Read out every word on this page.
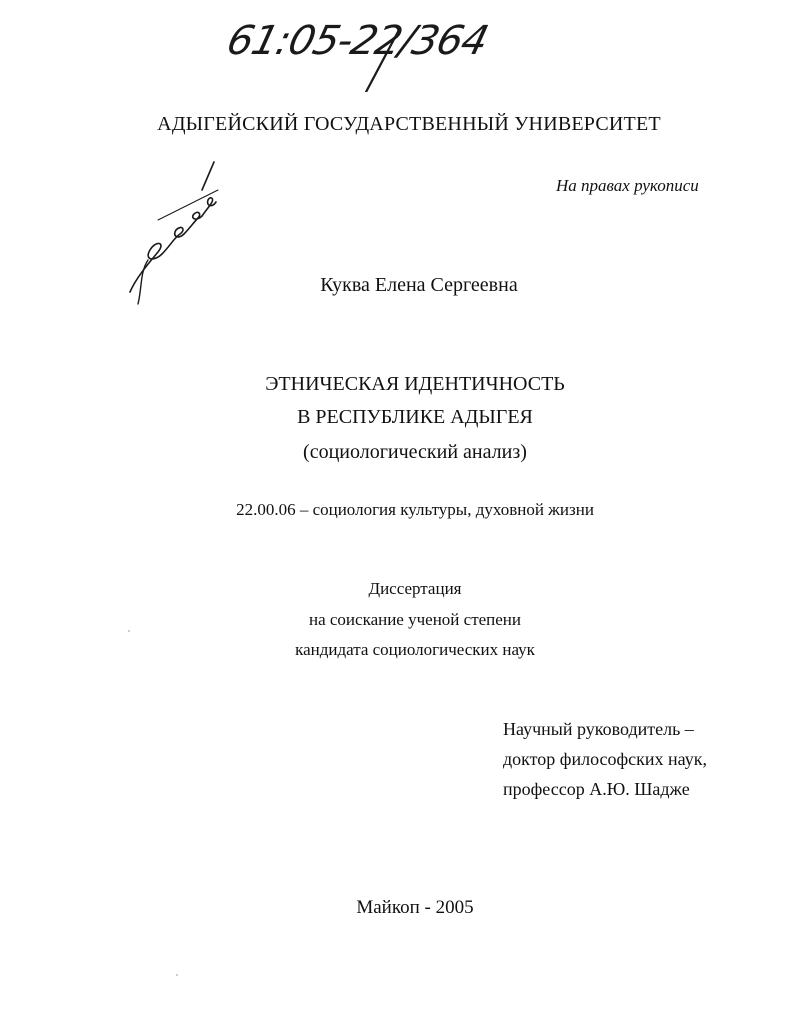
61:05-22/364
АДЫГЕЙСКИЙ ГОСУДАРСТВЕННЫЙ УНИВЕРСИТЕТ
На правах рукописи
Куква Елена Сергеевна
ЭТНИЧЕСКАЯ ИДЕНТИЧНОСТЬ
В РЕСПУБЛИКЕ АДЫГЕЯ
(социологический анализ)
22.00.06 – социология культуры, духовной жизни
Диссертация
на соискание ученой степени
кандидата социологических наук
Научный руководитель –
доктор философских наук,
профессор А.Ю. Шадже
Майкоп - 2005
